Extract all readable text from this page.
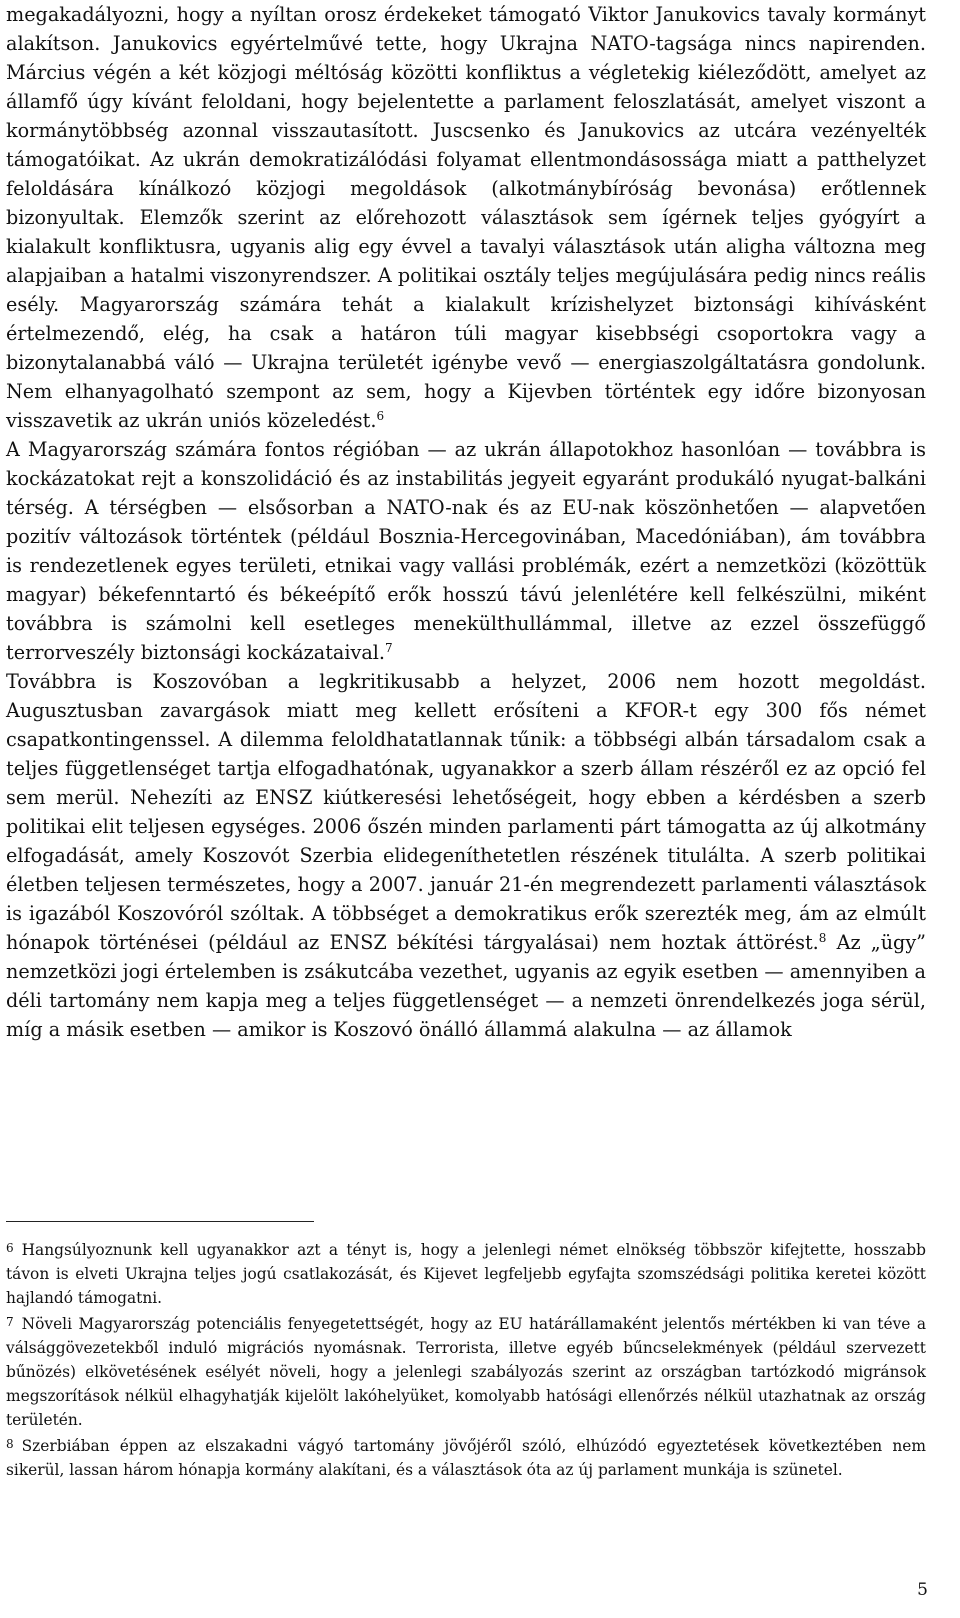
megakadályozni, hogy a nyíltan orosz érdekeket támogató Viktor Janukovics tavaly kormányt alakítson. Janukovics egyértelművé tette, hogy Ukrajna NATO-tagsága nincs napirenden. Március végén a két közjogi méltóság közötti konfliktus a végletekig kiéleződött, amelyet az államfő úgy kívánt feloldani, hogy bejelentette a parlament feloszlatását, amelyet viszont a kormánytöbbség azonnal visszautasított. Juscsenko és Janukovics az utcára vezényelték támogatóikat. Az ukrán demokratizálódási folyamat ellentmondásossága miatt a patthelyzet feloldására kínálkozó közjogi megoldások (alkotmánybíróság bevonása) erőtlennek bizonyultak. Elemzők szerint az előrehozott választások sem ígérnek teljes gyógyírt a kialakult konfliktusra, ugyanis alig egy évvel a tavalyi választások után aligha változna meg alapjaiban a hatalmi viszonyrendszer. A politikai osztály teljes megújulására pedig nincs reális esély. Magyarország számára tehát a kialakult krízishelyzet biztonsági kihívásként értelmezendő, elég, ha csak a határon túli magyar kisebbségi csoportokra vagy a bizonytalanabbá váló — Ukrajna területét igénybe vevő — energiaszolgáltatásra gondolunk. Nem elhanyagolható szempont az sem, hogy a Kijevben történtek egy időre bizonyosan visszavetik az ukrán uniós közeledést.$^6$

A Magyarország számára fontos régióban — az ukrán állapotokhoz hasonlóan — továbbra is kockázatokat rejt a konszolidáció és az instabilitás jegyeit egyaránt produkáló nyugat-balkáni térség. A térségben — elsősorban a NATO-nak és az EU-nak köszönhetően — alapvetően pozitív változások történtek (például Bosznia-Hercegovinában, Macedóniában), ám továbbra is rendezetlenek egyes területi, etnikai vagy vallási problémák, ezért a nemzetközi (közöttük magyar) békefenntartó és békeépítő erők hosszú távú jelenlétére kell felkészülni, miként továbbra is számolni kell esetleges menekülthullámmal, illetve az ezzel összefüggő terrorveszély biztonsági kockázataival.$^7$

Továbbra is Koszovóban a legkritikusabb a helyzet, 2006 nem hozott megoldást. Augusztusban zavargások miatt meg kellett erősíteni a KFOR-t egy 300 fős német csapatkontingenssel. A dilemma feloldhatatlannak tűnik: a többségi albán társadalom csak a teljes függetlenséget tartja elfogadhatónak, ugyanakkor a szerb állam részéről ez az opció fel sem merül. Nehezíti az ENSZ kiútkeresési lehetőségeit, hogy ebben a kérdésben a szerb politikai elit teljesen egységes. 2006 őszén minden parlamenti párt támogatta az új alkotmány elfogadását, amely Koszovót Szerbia elidegeníthetetlen részének titulálta. A szerb politikai életben teljesen természetes, hogy a 2007. január 21-én megrendezett parlamenti választások is igazából Koszovóról szóltak. A többséget a demokratikus erők szerezték meg, ám az elmúlt hónapok történései (például az ENSZ békítési tárgyalásai) nem hoztak áttörést.$^8$ Az „ügy” nemzetközi jogi értelemben is zsákutcába vezethet, ugyanis az egyik esetben — amennyiben a déli tartomány nem kapja meg a teljes függetlenséget — a nemzeti önrendelkezés joga sérül, míg a másik esetben — amikor is Koszovó önálló állammá alakulna — az államok

6 Hangsúlyoznunk kell ugyanakkor azt a tényt is, hogy a jelenlegi német elnökség többször kifejtette, hosszabb távon is elveti Ukrajna teljes jogú csatlakozását, és Kijevet legfeljebb egyfajta szomszédsági politika keretei között hajlandó támogatni.

7 Növeli Magyarország potenciális fenyegetettségét, hogy az EU határállamaként jelentős mértékben ki van téve a válsággövezetekből induló migrációs nyomásnak. Terrorista, illetve egyéb bűncselekmények (például szervezett bűnözés) elkövetésének esélyét növeli, hogy a jelenlegi szabályozás szerint az országban tartózkodó migránsok megszorítások nélkül elhagyhatják kijelölt lakóhelyüket, komolyabb hatósági ellenőrzés nélkül utazhatnak az ország területén.

8 Szerbiában éppen az elszakadni vágyó tartomány jövőjéről szóló, elhúzódó egyeztetések következtében nem sikerül, lassan három hónapja kormány alakítani, és a választások óta az új parlament munkája is szünetel.

5
